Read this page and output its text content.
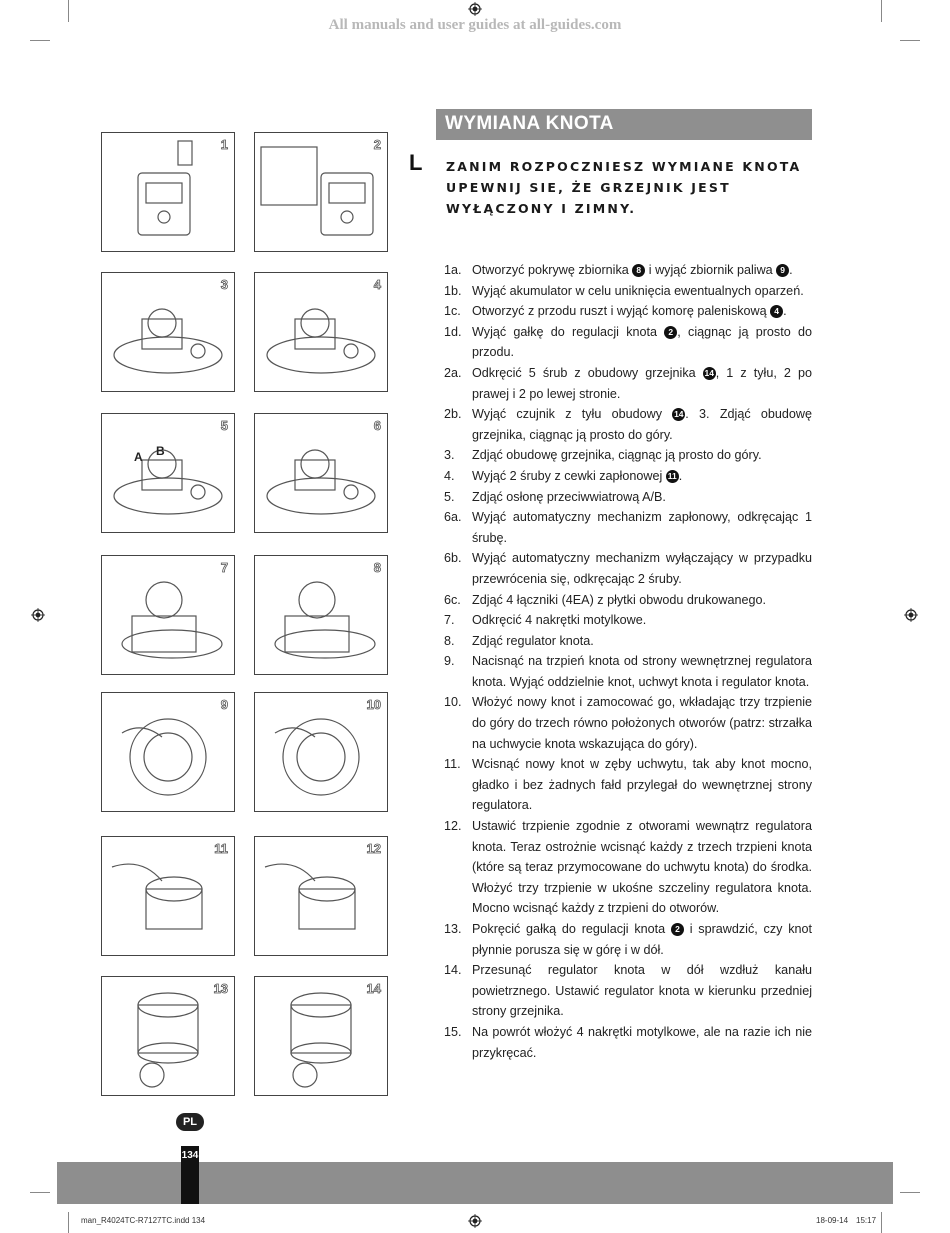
All manuals and user guides at all-guides.com
WYMIANA KNOTA
L ZANIM ROZPOCZNIESZ WYMIANE KNOTA UPEWNIJ SIE, ŻE GRZEJNIK JEST WYŁĄCZONY I ZIMNY.
1	2
3	4
A B
5	6
7	8
9	10
11	12
13	14
1a. Otworzyć pokrywę zbiornika 8 i wyjąć zbiornik paliwa 9 .
1b. Wyjąć akumulator w celu uniknięcia ewentualnych oparzeń.
1c. Otworzyć z przodu ruszt i wyjąć komorę paleniskową 4 .
1d. Wyjąć gałkę do regulacji knota 2 , ciągnąc ją prosto do przodu.
2a. Odkręcić 5 śrub z obudowy grzejnika 14 , 1 z tyłu, 2 po prawej i 2 po lewej stronie.
2b. Wyjąć czujnik z tyłu obudowy 14 . 3. Zdjąć obudowę grzejnika, ciągnąc ją prosto do góry.
3. Zdjąć obudowę grzejnika, ciągnąc ją prosto do góry.
4. Wyjąć 2 śruby z cewki zapłonowej 11 .
5. Zdjąć osłonę przeciwwiatrową A/B.
6a. Wyjąć automatyczny mechanizm zapłonowy, odkręcając 1 śrubę.
6b. Wyjąć automatyczny mechanizm wyłączający w przypadku przewrócenia się, odkręcając 2 śruby.
6c. Zdjąć 4 łączniki (4EA) z płytki obwodu drukowanego.
7. Odkręcić 4 nakrętki motylkowe.
8. Zdjąć regulator knota.
9. Nacisnąć na trzpień knota od strony wewnętrznej regulatora knota. Wyjąć oddzielnie knot, uchwyt knota i regulator knota.
10. Włożyć nowy knot i zamocować go, wkładając trzy trzpienie do góry do trzech równo położonych otworów (patrz: strzałka na uchwycie knota wskazująca do góry).
11. Wcisnąć nowy knot w zęby uchwytu, tak aby knot mocno, gładko i bez żadnych fałd przylegał do wewnętrznej strony regulatora.
12. Ustawić trzpienie zgodnie z otworami wewnątrz regulatora knota. Teraz ostrożnie wcisnąć każdy z trzech trzpieni knota (które są teraz przymocowane do uchwytu knota) do środka. Włożyć trzy trzpienie w ukośne szczeliny regulatora knota. Mocno wcisnąć każdy z trzpieni do otworów.
13. Pokręcić gałką do regulacji knota 2 i sprawdzić, czy knot płynnie porusza się w górę i w dół.
14. Przesunąć regulator knota w dół wzdłuż kanału powietrznego. Ustawić regulator knota w kierunku przedniej strony grzejnika.
15. Na powrót włożyć 4 nakrętki motylkowe, ale na razie ich nie przykręcać.
PL
134
man_R4024TC-R7127TC.indd 134	18-09-14 15:17
